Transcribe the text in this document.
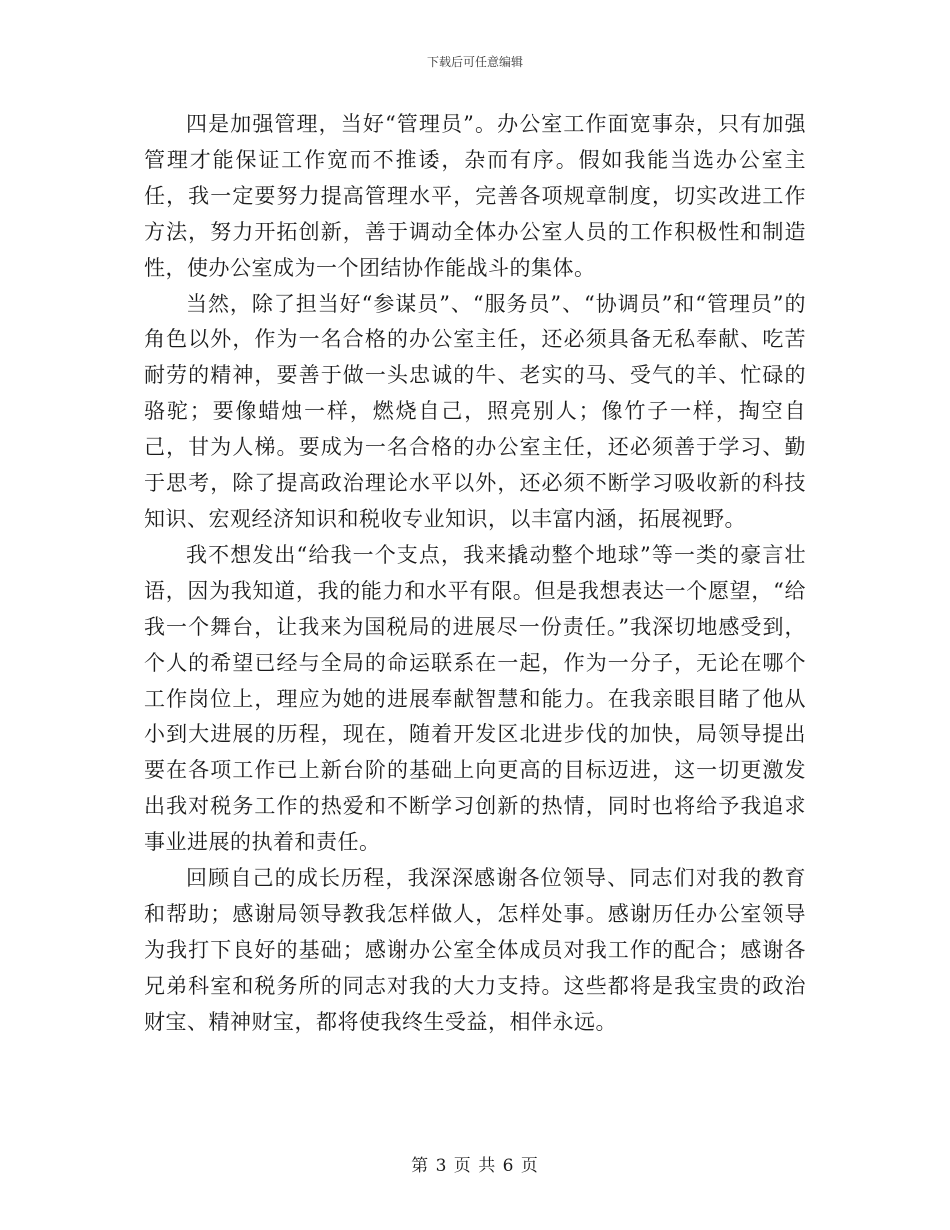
下载后可任意编辑

四是加强管理，当好“管理员”。办公室工作面宽事杂，只有加强管理才能保证工作宽而不推诿，杂而有序。假如我能当选办公室主任，我一定要努力提高管理水平，完善各项规章制度，切实改进工作方法，努力开拓创新，善于调动全体办公室人员的工作积极性和制造性，使办公室成为一个团结协作能战斗的集体。

当然，除了担当好“参谋员”、“服务员”、“协调员”和“管理员”的角色以外，作为一名合格的办公室主任，还必须具备无私奉献、吃苦耐劳的精神，要善于做一头忠诚的牛、老实的马、受气的羊、忙碌的骆驼；要像蜡烛一样，燃烧自己，照亮别人；像竹子一样，掏空自己，甘为人梯。要成为一名合格的办公室主任，还必须善于学习、勤于思考，除了提高政治理论水平以外，还必须不断学习吸收新的科技知识、宏观经济知识和税收专业知识，以丰富内涵，拓展视野。

我不想发出“给我一个支点，我来撬动整个地球”等一类的豪言壮语，因为我知道，我的能力和水平有限。但是我想表达一个愿望，“给我一个舞台，让我来为国税局的进展尽一份责任。”我深切地感受到，个人的希望已经与全局的命运联系在一起，作为一分子，无论在哪个工作岗位上，理应为她的进展奉献智慧和能力。在我亲眼目睹了他从小到大进展的历程，现在，随着开发区北进步伐的加快，局领导提出要在各项工作已上新台阶的基础上向更高的目标迈进，这一切更激发出我对税务工作的热爱和不断学习创新的热情，同时也将给予我追求事业进展的执着和责任。

回顾自己的成长历程，我深深感谢各位领导、同志们对我的教育和帮助；感谢局领导教我怎样做人，怎样处事。感谢历任办公室领导为我打下良好的基础；感谢办公室全体成员对我工作的配合；感谢各兄弟科室和税务所的同志对我的大力支持。这些都将是我宝贵的政治财宝、精神财宝，都将使我终生受益，相伴永远。

第 3 页 共 6 页
